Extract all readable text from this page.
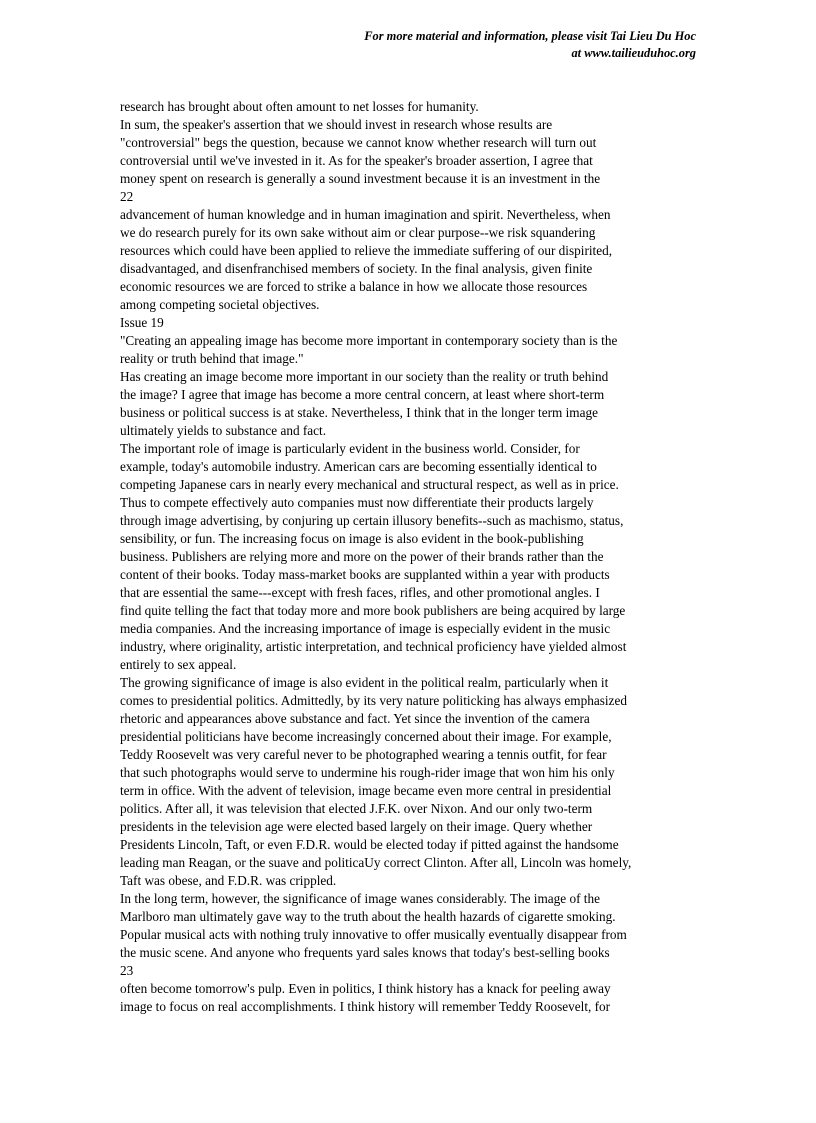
For more material and information, please visit Tai Lieu Du Hoc
at www.tailieuduhoc.org
research has brought about often amount to net losses for humanity.
In sum, the speaker's assertion that we should invest in research whose results are
"controversial" begs the question, because we cannot know whether research will turn out
controversial until we've invested in it. As for the speaker's broader assertion, I agree that
money spent on research is generally a sound investment because it is an investment in the
22
advancement of human knowledge and in human imagination and spirit. Nevertheless, when
we do research purely for its own sake without aim or clear purpose--we risk squandering
resources which could have been applied to relieve the immediate suffering of our dispirited,
disadvantaged, and disenfranchised members of society. In the final analysis, given finite
economic resources we are forced to strike a balance in how we allocate those resources
among competing societal objectives.
Issue 19
"Creating an appealing image has become more important in contemporary society than is the
reality or truth behind that image."
Has creating an image become more important in our society than the reality or truth behind
the image? I agree that image has become a more central concern, at least where short-term
business or political success is at stake. Nevertheless, I think that in the longer term image
ultimately yields to substance and fact.
The important role of image is particularly evident in the business world. Consider, for
example, today's automobile industry. American cars are becoming essentially identical to
competing Japanese cars in nearly every mechanical and structural respect, as well as in price.
Thus to compete effectively auto companies must now differentiate their products largely
through image advertising, by conjuring up certain illusory benefits--such as machismo, status,
sensibility, or fun. The increasing focus on image is also evident in the book-publishing
business. Publishers are relying more and more on the power of their brands rather than the
content of their books. Today mass-market books are supplanted within a year with products
that are essential the same---except with fresh faces, rifles, and other promotional angles. I
find quite telling the fact that today more and more book publishers are being acquired by large
media companies. And the increasing importance of image is especially evident in the music
industry, where originality, artistic interpretation, and technical proficiency have yielded almost
entirely to sex appeal.
The growing significance of image is also evident in the political realm, particularly when it
comes to presidential politics. Admittedly, by its very nature politicking has always emphasized
rhetoric and appearances above substance and fact. Yet since the invention of the camera
presidential politicians have become increasingly concerned about their image. For example,
Teddy Roosevelt was very careful never to be photographed wearing a tennis outfit, for fear
that such photographs would serve to undermine his rough-rider image that won him his only
term in office. With the advent of television, image became even more central in presidential
politics. After all, it was television that elected J.F.K. over Nixon. And our only two-term
presidents in the television age were elected based largely on their image. Query whether
Presidents Lincoln, Taft, or even F.D.R. would be elected today if pitted against the handsome
leading man Reagan, or the suave and politicaUy correct Clinton. After all, Lincoln was homely,
Taft was obese, and F.D.R. was crippled.
In the long term, however, the significance of image wanes considerably. The image of the
Marlboro man ultimately gave way to the truth about the health hazards of cigarette smoking.
Popular musical acts with nothing truly innovative to offer musically eventually disappear from
the music scene. And anyone who frequents yard sales knows that today's best-selling books
23
often become tomorrow's pulp. Even in politics, I think history has a knack for peeling away
image to focus on real accomplishments. I think history will remember Teddy Roosevelt, for
